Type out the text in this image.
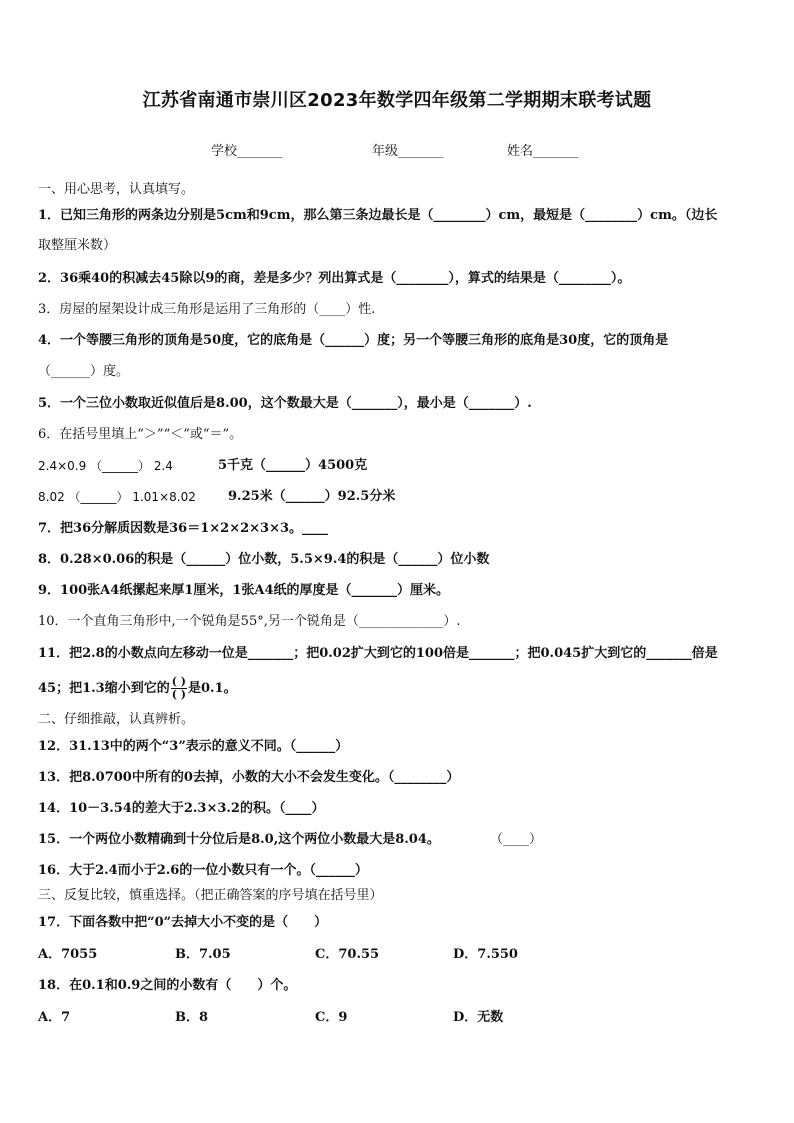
江苏省南通市崇川区2023年数学四年级第二学期期末联考试题
学校_______	年级_______	姓名_______
一、用心思考，认真填写。
1．已知三角形的两条边分别是5cm和9cm，那么第三条边最长是（________）cm，最短是（________）cm。（边长
取整厘米数）
2．36乘40的积减去45除以9的商，差是多少？列出算式是（________），算式的结果是（________）。
3．房屋的屋架设计成三角形是运用了三角形的（____）性.
4．一个等腰三角形的顶角是50度，它的底角是（______）度；另一个等腰三角形的底角是30度，它的顶角是
（______）度。
5．一个三位小数取近似值后是8.00，这个数最大是（_______），最小是（_______）.
6．在括号里填上“＞”“＜”或“＝”。
2.4×0.9 （______） 2.4	5千克（______）4500克
8.02 （______） 1.01×8.02 9.25米（______）92.5分米
7．把36分解质因数是36＝1×2×2×3×3。____
8．0.28×0.06的积是（______）位小数，5.5×9.4的积是（______）位小数
9．100张A4纸摞起来厚1厘米，1张A4纸的厚度是（_______）厘米。
10．一个直角三角形中,一个锐角是55°,另一个锐角是（_____________）.
11．把2.8的小数点向左移动一位是_______；把0.02扩大到它的100倍是_______；把0.045扩大到它的_______倍是
45；把1.3缩小到它的 $\frac{( )}{( )}$ 是0.1。
二、仔细推敲，认真辨析。
12．31.13中的两个“3”表示的意义不同。（______）
13．把8.0700中所有的0去掉，小数的大小不会发生变化。（________）
14．10－3.54的差大于2.3×3.2的积。（____）
15．一个两位小数精确到十分位后是8.0,这个两位小数最大是8.04。	（____）
16．大于2.4而小于2.6的一位小数只有一个。（______）
三、反复比较，慎重选择。（把正确答案的序号填在括号里）
17．下面各数中把“0”去掉大小不变的是（　　）
A．7055	B．7.05	C．70.55	D．7.550
18．在0.1和0.9之间的小数有（　　）个。
A．7	B．8	C．9	D．无数
